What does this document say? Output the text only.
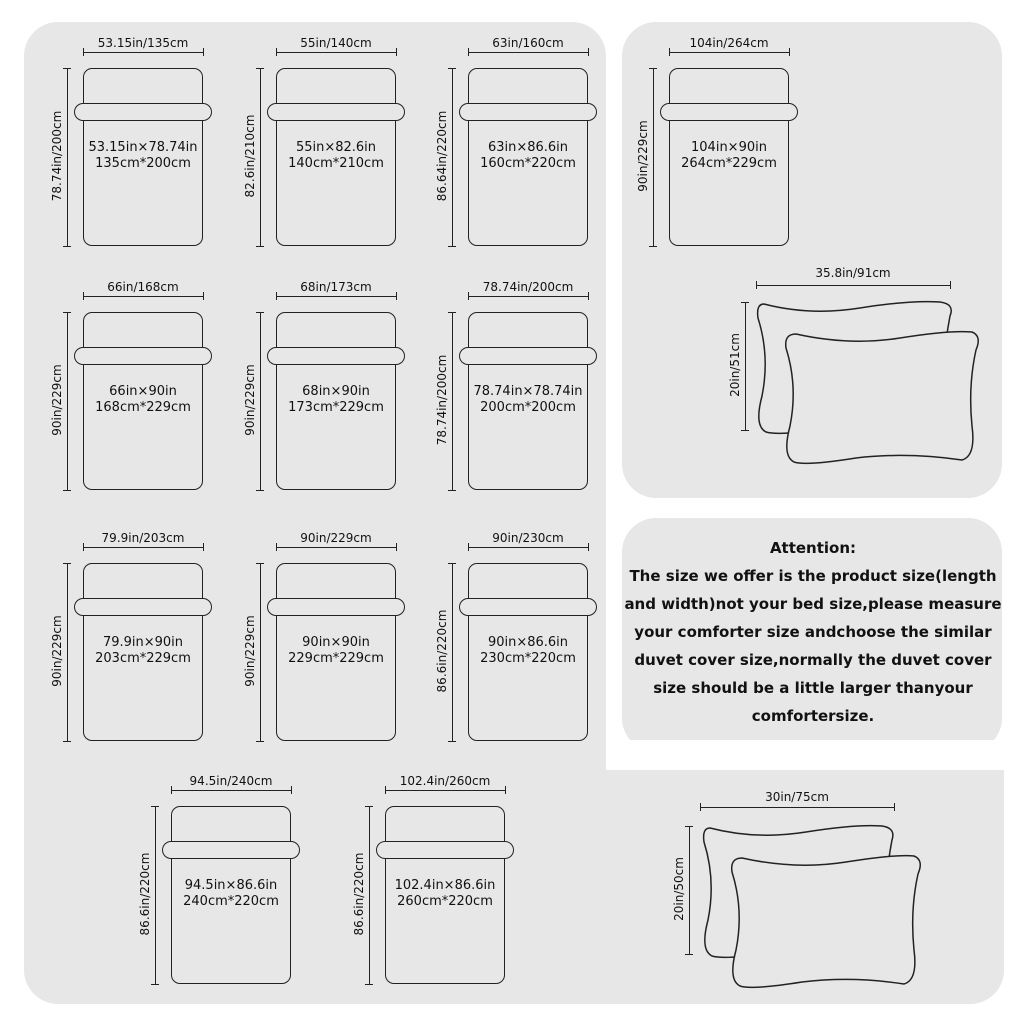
53.15in/135cm
78.74in/200cm	53.15in×78.74in
135cm*200cm
55in/140cm
82.6in/210cm	55in×82.6in
140cm*210cm
63in/160cm
86.64in/220cm	63in×86.6in
160cm*220cm
104in/264cm
90in/229cm	104in×90in
264cm*229cm
66in/168cm
90in/229cm	66in×90in
168cm*229cm
68in/173cm
90in/229cm	68in×90in
173cm*229cm
78.74in/200cm
78.74in/200cm	78.74in×78.74in
200cm*200cm
79.9in/203cm
90in/229cm	79.9in×90in
203cm*229cm
90in/229cm
90in/229cm	90in×90in
229cm*229cm
90in/230cm
86.6in/220cm	90in×86.6in
230cm*220cm
94.5in/240cm
86.6in/220cm	94.5in×86.6in
240cm*220cm
102.4in/260cm
86.6in/220cm	102.4in×86.6in
260cm*220cm
35.8in/91cm
20in/51cm
Attention:
The size we offer is the product size(length
and width)not your bed size,please measure
your comforter size andchoose the similar
duvet cover size,normally the duvet cover
size should be a little larger thanyour
comfortersize.
30in/75cm
20in/50cm
